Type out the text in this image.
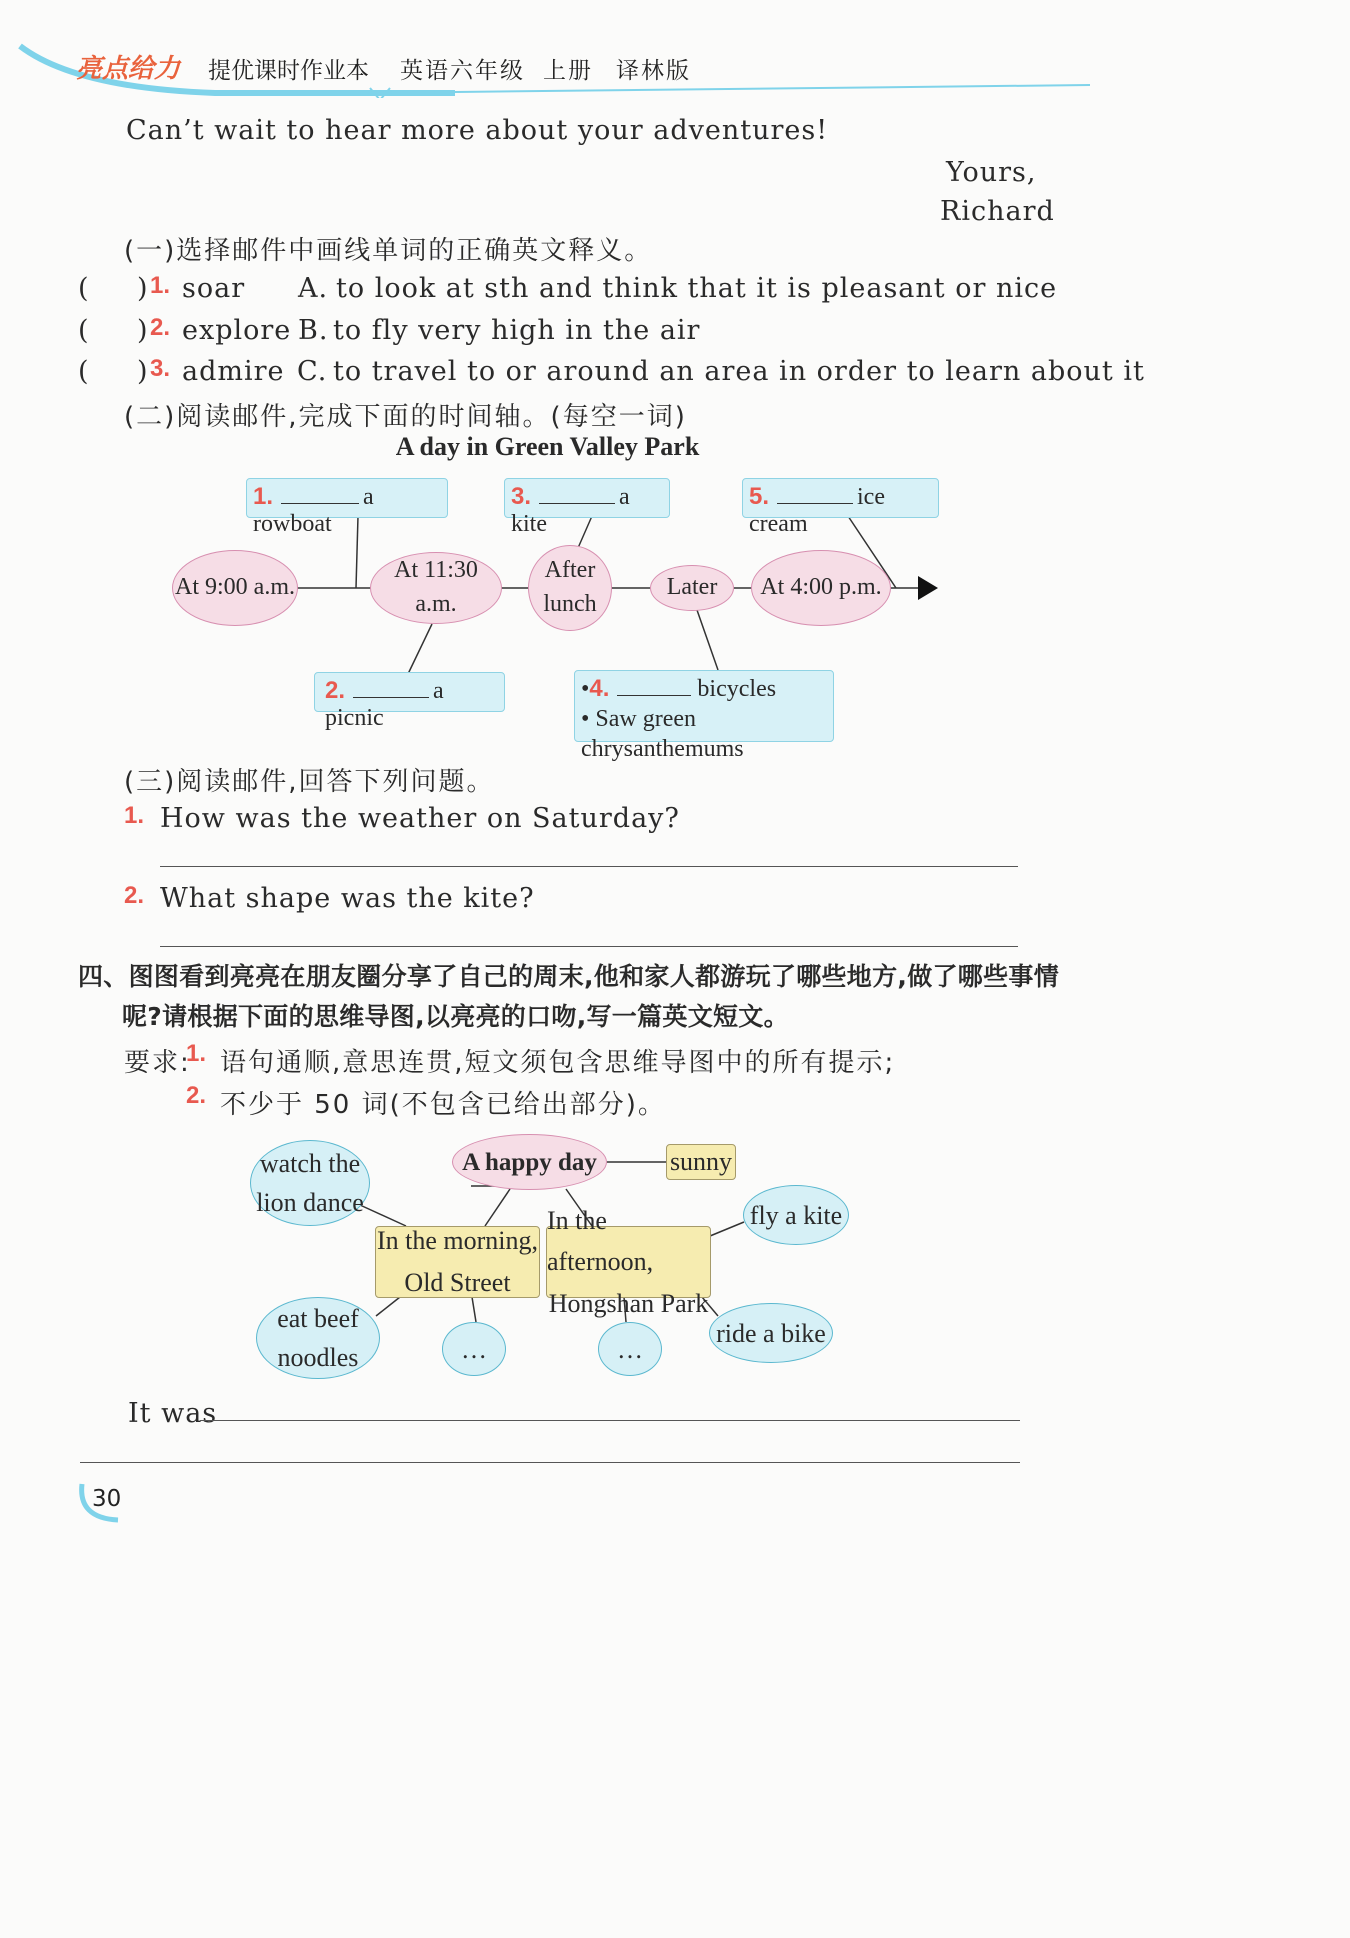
亮点给力 提优课时作业本 英语六年级 上册 译林版
Can’t wait to hear more about your adventures!
Yours,
Richard
(一)选择邮件中画线单词的正确英文释义。
( ) 1. soar A. to look at sth and think that it is pleasant or nice
( ) 2. explore B. to fly very high in the air
( ) 3. admire C. to travel to or around an area in order to learn about it
(二)阅读邮件,完成下面的时间轴。(每空一词)
A day in Green Valley Park
At 9:00 a.m.
At 11:30 a.m.
After lunch
Later	At 4:00 p.m.
1.	a rowboat
3.	a kite
5.	ice cream
2.	a picnic
•4.	bicycles
• Saw green chrysanthemums
(三)阅读邮件,回答下列问题。
1. How was the weather on Saturday?
2. What shape was the kite?
四、图图看到亮亮在朋友圈分享了自己的周末,他和家人都游玩了哪些地方,做了哪些事情
呢?请根据下面的思维导图,以亮亮的口吻,写一篇英文短文。
要求:
1. 语句通顺,意思连贯,短文须包含思维导图中的所有提示;
2. 不少于 50 词(不包含已给出部分)。
A happy day	sunny
In the morning,
Old Street
In the afternoon,
Hongshan Park
watch the
lion dance
eat beef
noodles	…
fly a kite
ride a bike
…
It was
30
